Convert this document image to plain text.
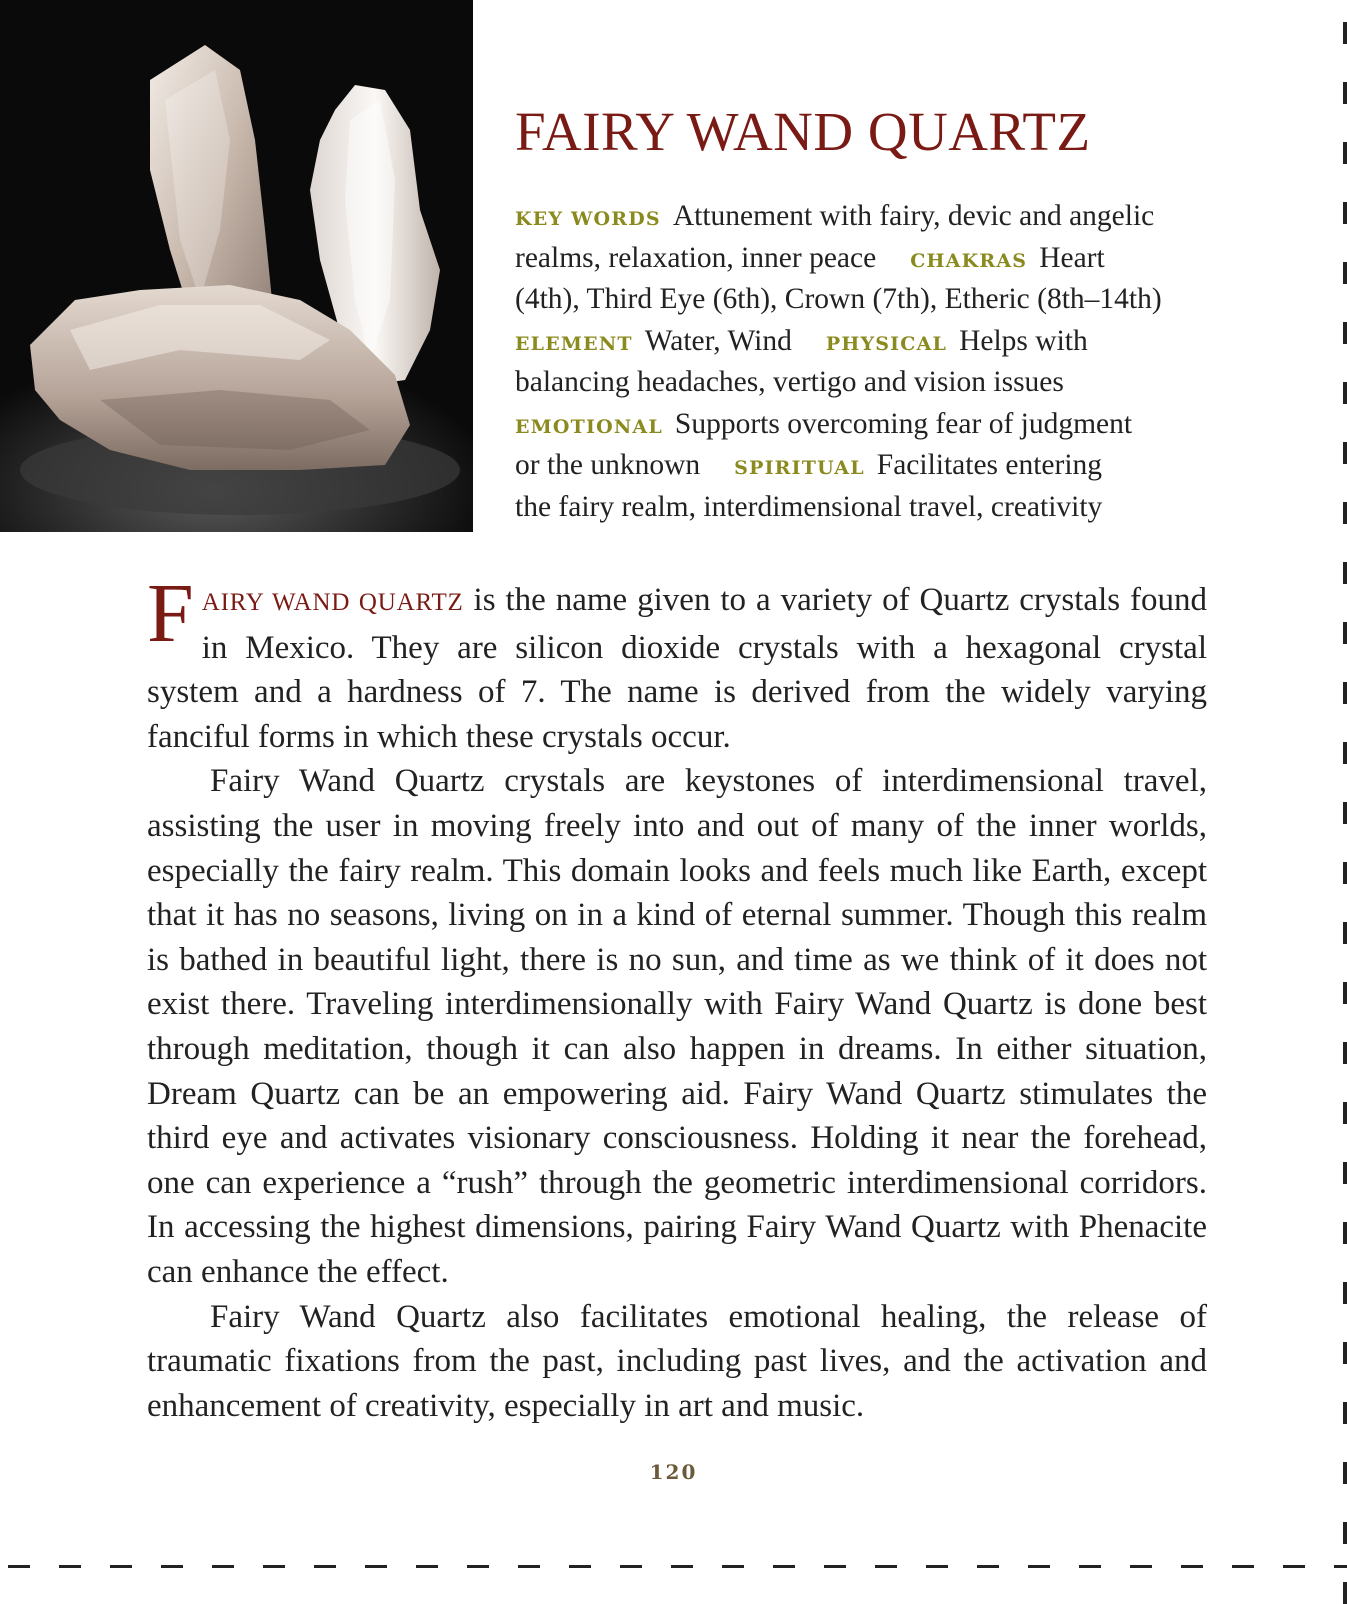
FAIRY WAND QUARTZ
KEY WORDS Attunement with fairy, devic and angelic
realms, relaxation, inner peace CHAKRAS Heart
(4th), Third Eye (6th), Crown (7th), Etheric (8th–14th)
ELEMENT Water, Wind PHYSICAL Helps with
balancing headaches, vertigo and vision issues
EMOTIONAL Supports overcoming fear of judgment
or the unknown SPIRITUAL Facilitates entering
the fairy realm, interdimensional travel, creativity

FAIRY WAND QUARTZ is the name given to a variety of Quartz crystals found in Mexico. They are silicon dioxide crystals with a hexagonal crystal system and a hardness of 7. The name is derived from the widely varying fanciful forms in which these crystals occur.

Fairy Wand Quartz crystals are keystones of interdimensional travel, assisting the user in moving freely into and out of many of the inner worlds, especially the fairy realm. This domain looks and feels much like Earth, except that it has no seasons, living on in a kind of eternal summer. Though this realm is bathed in beautiful light, there is no sun, and time as we think of it does not exist there. Traveling interdimensionally with Fairy Wand Quartz is done best through meditation, though it can also happen in dreams. In either situation, Dream Quartz can be an empowering aid. Fairy Wand Quartz stimulates the third eye and activates visionary consciousness. Holding it near the forehead, one can experience a “rush” through the geometric interdimensional corridors. In accessing the highest dimensions, pairing Fairy Wand Quartz with Phenacite can enhance the effect.

Fairy Wand Quartz also facilitates emotional healing, the release of traumatic fixations from the past, including past lives, and the activation and enhancement of creativity, especially in art and music.

120
